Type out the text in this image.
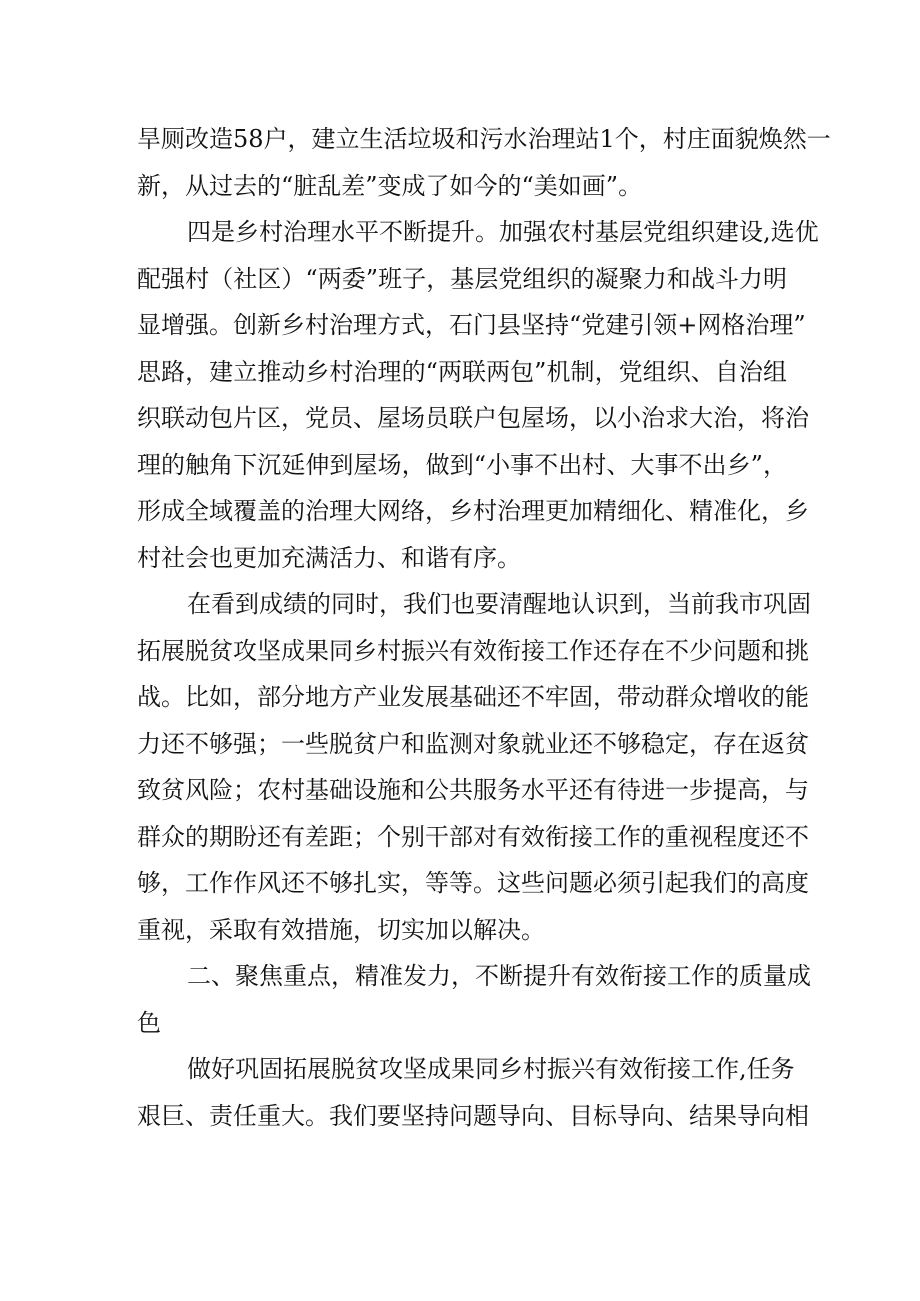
旱厕改造58户，建立生活垃圾和污水治理站1个，村庄面貌焕然一
新，从过去的“脏乱差”变成了如今的“美如画”。
四是乡村治理水平不断提升。加强农村基层党组织建设,选优
配强村（社区）“两委”班子，基层党组织的凝聚力和战斗力明
显增强。创新乡村治理方式，石门县坚持“党建引领+网格治理”
思路，建立推动乡村治理的“两联两包”机制，党组织、自治组
织联动包片区，党员、屋场员联户包屋场，以小治求大治，将治
理的触角下沉延伸到屋场，做到“小事不出村、大事不出乡”，
形成全域覆盖的治理大网络，乡村治理更加精细化、精准化，乡
村社会也更加充满活力、和谐有序。
在看到成绩的同时，我们也要清醒地认识到，当前我市巩固
拓展脱贫攻坚成果同乡村振兴有效衔接工作还存在不少问题和挑
战。比如，部分地方产业发展基础还不牢固，带动群众增收的能
力还不够强；一些脱贫户和监测对象就业还不够稳定，存在返贫
致贫风险；农村基础设施和公共服务水平还有待进一步提高，与
群众的期盼还有差距；个别干部对有效衔接工作的重视程度还不
够，工作作风还不够扎实，等等。这些问题必须引起我们的高度
重视，采取有效措施，切实加以解决。
二、聚焦重点，精准发力，不断提升有效衔接工作的质量成
色
做好巩固拓展脱贫攻坚成果同乡村振兴有效衔接工作,任务
艰巨、责任重大。我们要坚持问题导向、目标导向、结果导向相
